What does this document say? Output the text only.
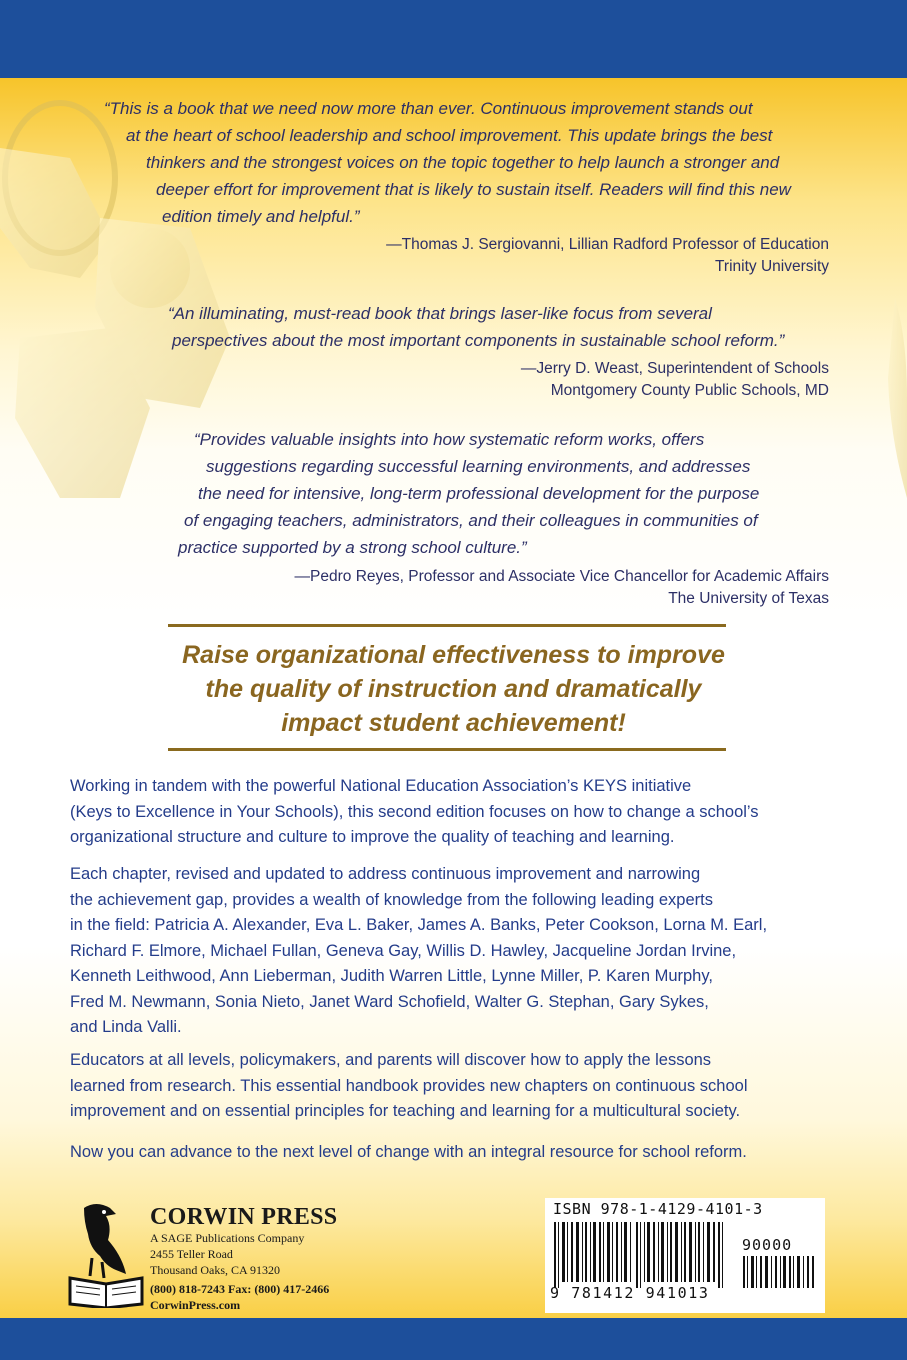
“This is a book that we need now more than ever. Continuous improvement stands out
at the heart of school leadership and school improvement. This update brings the best
thinkers and the strongest voices on the topic together to help launch a stronger and
deeper effort for improvement that is likely to sustain itself. Readers will find this new
edition timely and helpful.”
—Thomas J. Sergiovanni, Lillian Radford Professor of Education
Trinity University
“An illuminating, must-read book that brings laser-like focus from several
perspectives about the most important components in sustainable school reform.”
—Jerry D. Weast, Superintendent of Schools
Montgomery County Public Schools, MD
“Provides valuable insights into how systematic reform works, offers
suggestions regarding successful learning environments, and addresses
the need for intensive, long-term professional development for the purpose
of engaging teachers, administrators, and their colleagues in communities of
practice supported by a strong school culture.”
—Pedro Reyes, Professor and Associate Vice Chancellor for Academic Affairs
The University of Texas
Raise organizational effectiveness to improve
the quality of instruction and dramatically
impact student achievement!
Working in tandem with the powerful National Education Association’s KEYS initiative
(Keys to Excellence in Your Schools), this second edition focuses on how to change a school’s
organizational structure and culture to improve the quality of teaching and learning.
Each chapter, revised and updated to address continuous improvement and narrowing
the achievement gap, provides a wealth of knowledge from the following leading experts
in the field: Patricia A. Alexander, Eva L. Baker, James A. Banks, Peter Cookson, Lorna M. Earl,
Richard F. Elmore, Michael Fullan, Geneva Gay, Willis D. Hawley, Jacqueline Jordan Irvine,
Kenneth Leithwood, Ann Lieberman, Judith Warren Little, Lynne Miller, P. Karen Murphy,
Fred M. Newmann, Sonia Nieto, Janet Ward Schofield, Walter G. Stephan, Gary Sykes,
and Linda Valli.
Educators at all levels, policymakers, and parents will discover how to apply the lessons
learned from research. This essential handbook provides new chapters on continuous school
improvement and on essential principles for teaching and learning for a multicultural society.
Now you can advance to the next level of change with an integral resource for school reform.
CORWIN PRESS
A SAGE Publications Company
2455 Teller Road
Thousand Oaks, CA 91320
(800) 818-7243 Fax: (800) 417-2466
CorwinPress.com
ISBN 978-1-4129-4101-3
90000
9 781412 941013
